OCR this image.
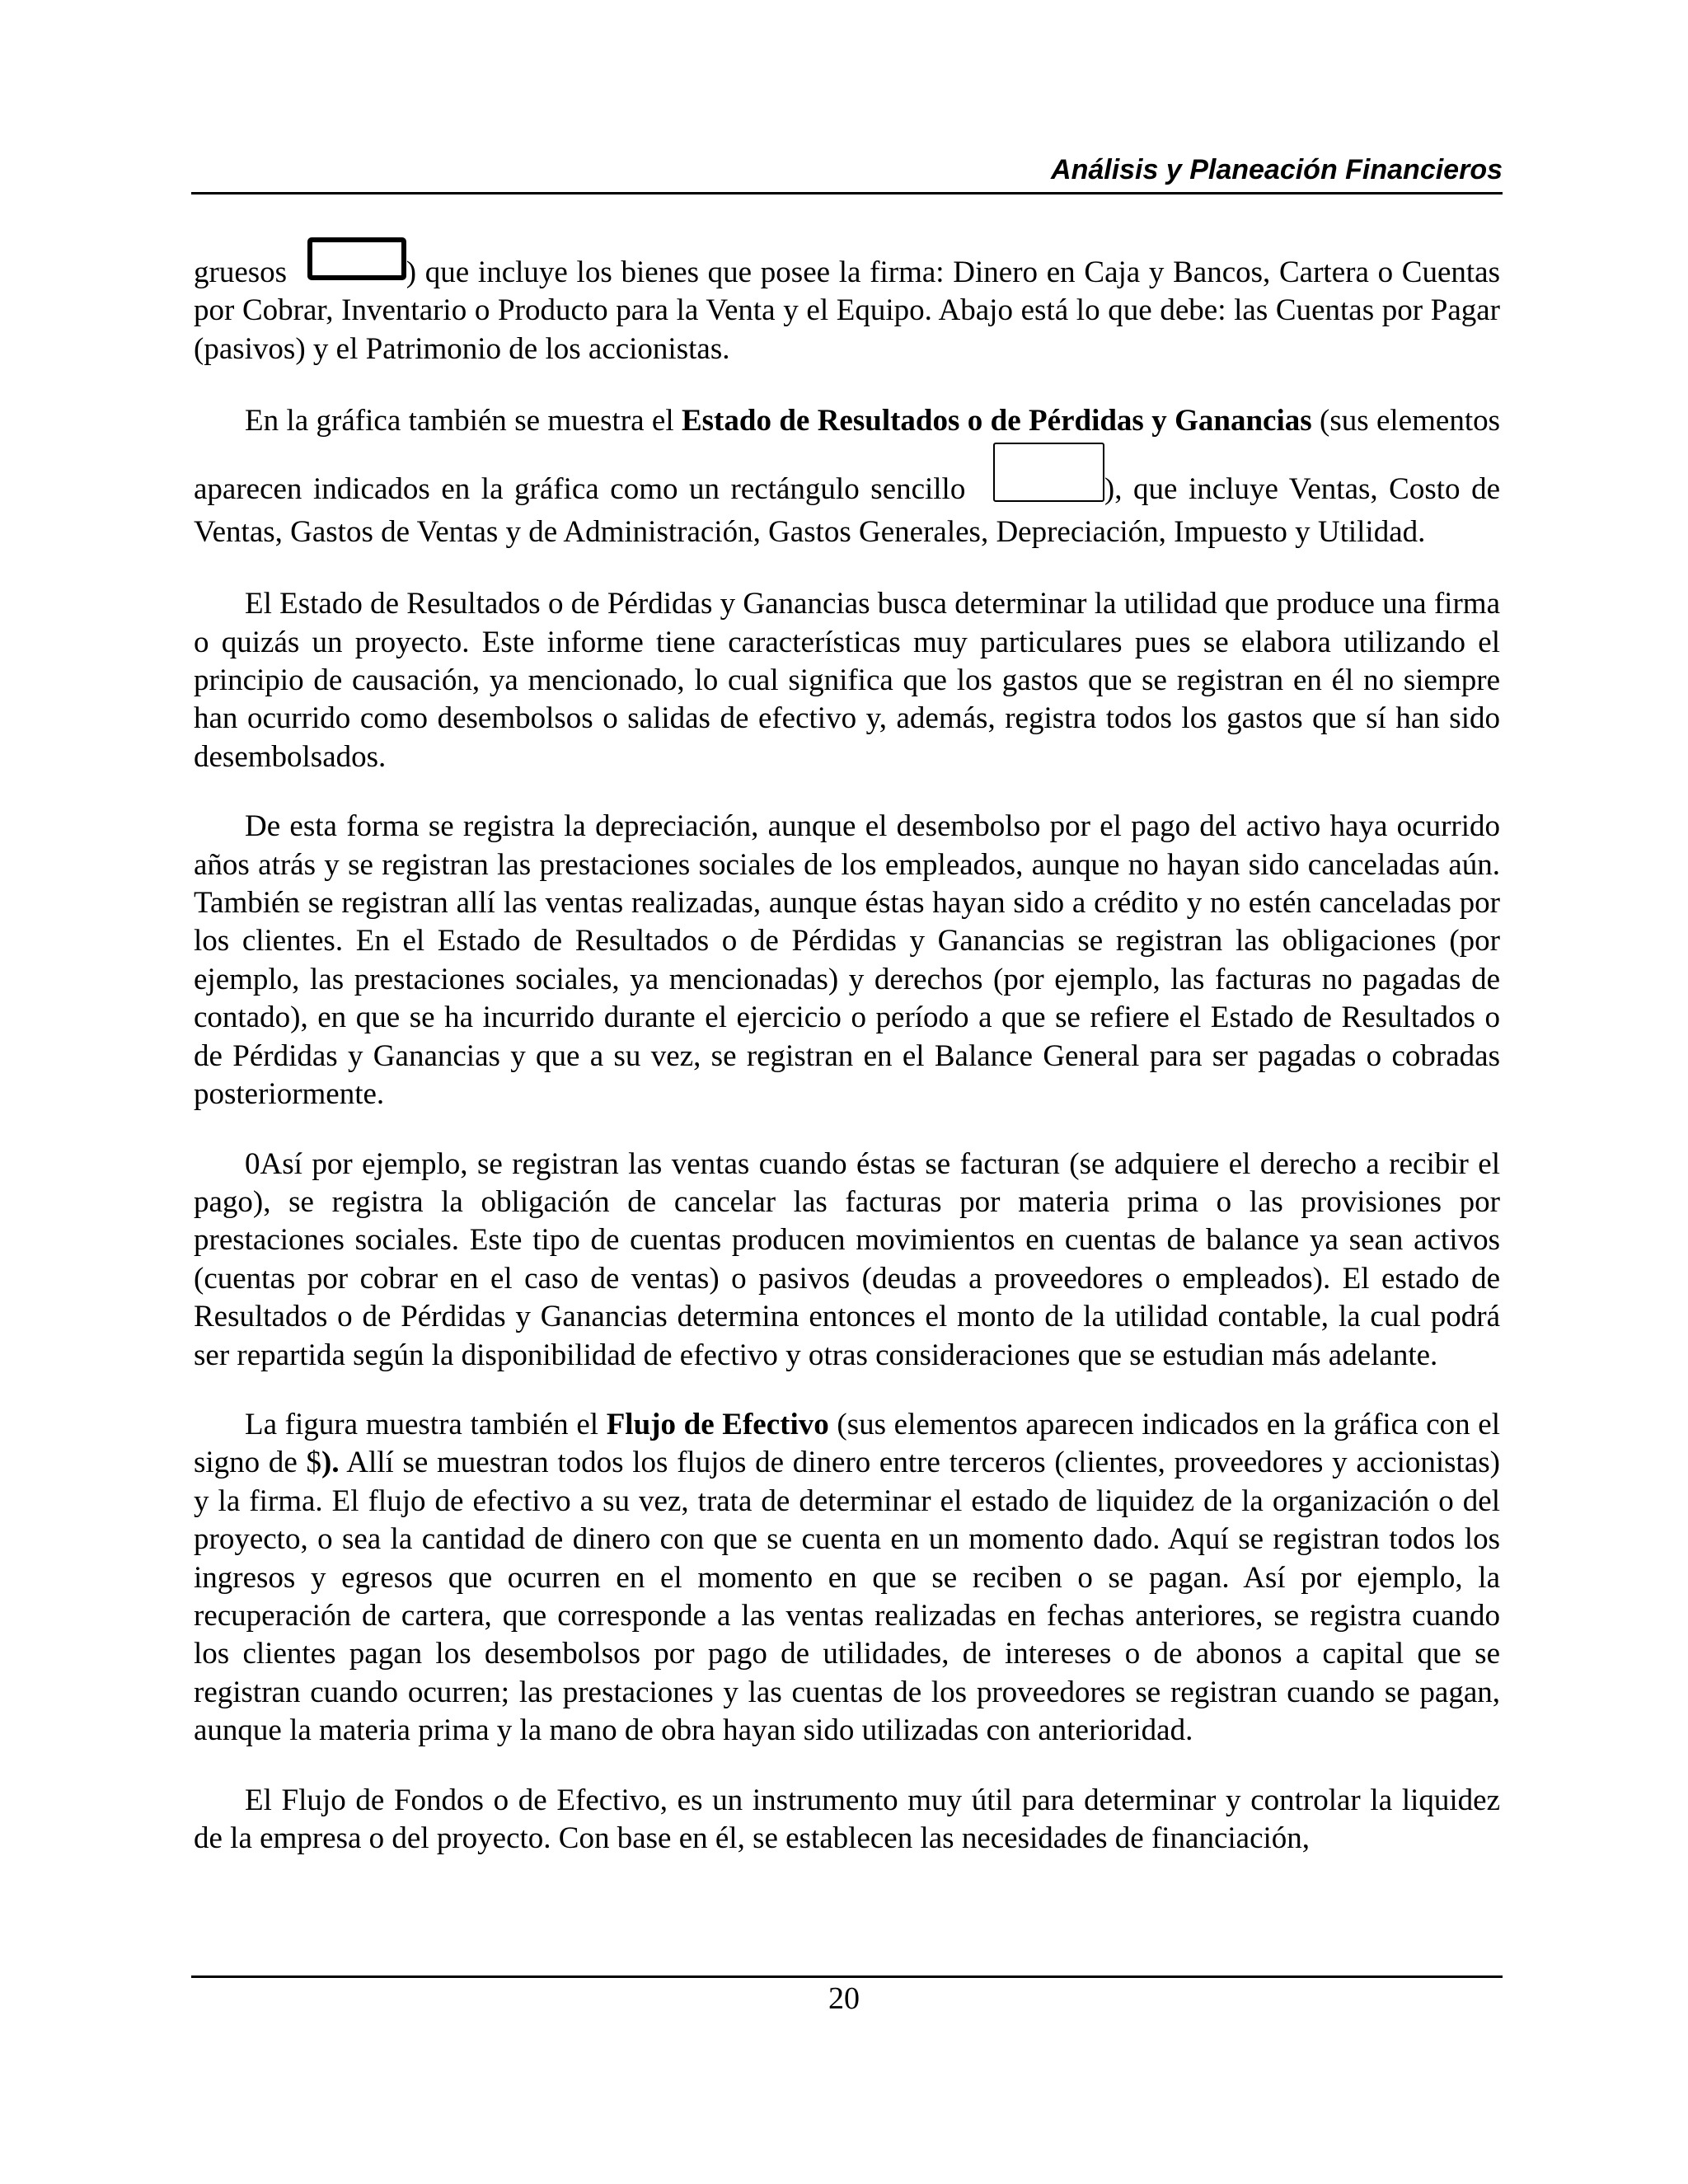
Análisis y Planeación Financieros

gruesos	) que incluye los bienes que posee la firma: Dinero en Caja y Bancos, Cartera o Cuentas por Cobrar, Inventario o Producto para la Venta y el Equipo. Abajo está lo que debe: las Cuentas por Pagar (pasivos) y el Patrimonio de los accionistas.

En la gráfica también se muestra el Estado de Resultados o de Pérdidas y Ganancias (sus elementos aparecen indicados en la gráfica como un rectángulo sencillo	), que incluye Ventas, Costo de Ventas, Gastos de Ventas y de Administración, Gastos Generales, Depreciación, Impuesto y Utilidad.

El Estado de Resultados o de Pérdidas y Ganancias busca determinar la utilidad que produce una firma o quizás un proyecto. Este informe tiene características muy particulares pues se elabora utilizando el principio de causación, ya mencionado, lo cual significa que los gastos que se registran en él no siempre han ocurrido como desembolsos o salidas de efectivo y, además, registra todos los gastos que sí han sido desembolsados.

De esta forma se registra la depreciación, aunque el desembolso por el pago del activo haya ocurrido años atrás y se registran las prestaciones sociales de los empleados, aunque no hayan sido canceladas aún. También se registran allí las ventas realizadas, aunque éstas hayan sido a crédito y no estén canceladas por los clientes. En el Estado de Resultados o de Pérdidas y Ganancias se registran las obligaciones (por ejemplo, las prestaciones sociales, ya mencionadas) y derechos (por ejemplo, las facturas no pagadas de contado), en que se ha incurrido durante el ejercicio o período a que se refiere el Estado de Resultados o de Pérdidas y Ganancias y que a su vez, se registran en el Balance General para ser pagadas o cobradas posteriormente.

0Así por ejemplo, se registran las ventas cuando éstas se facturan (se adquiere el derecho a recibir el pago), se registra la obligación de cancelar las facturas por materia prima o las provisiones por prestaciones sociales. Este tipo de cuentas producen movimientos en cuentas de balance ya sean activos (cuentas por cobrar en el caso de ventas) o pasivos (deudas a proveedores o empleados). El estado de Resultados o de Pérdidas y Ganancias determina entonces el monto de la utilidad contable, la cual podrá ser repartida según la disponibilidad de efectivo y otras consideraciones que se estudian más adelante.

La figura muestra también el Flujo de Efectivo (sus elementos aparecen indicados en la gráfica con el signo de $). Allí se muestran todos los flujos de dinero entre terceros (clientes, proveedores y accionistas) y la firma. El flujo de efectivo a su vez, trata de determinar el estado de liquidez de la organización o del proyecto, o sea la cantidad de dinero con que se cuenta en un momento dado. Aquí se registran todos los ingresos y egresos que ocurren en el momento en que se reciben o se pagan. Así por ejemplo, la recuperación de cartera, que corresponde a las ventas realizadas en fechas anteriores, se registra cuando los clientes pagan los desembolsos por pago de utilidades, de intereses o de abonos a capital que se registran cuando ocurren; las prestaciones y las cuentas de los proveedores se registran cuando se pagan, aunque la materia prima y la mano de obra hayan sido utilizadas con anterioridad.

El Flujo de Fondos o de Efectivo, es un instrumento muy útil para determinar y controlar la liquidez de la empresa o del proyecto. Con base en él, se establecen las necesidades de financiación,

20
